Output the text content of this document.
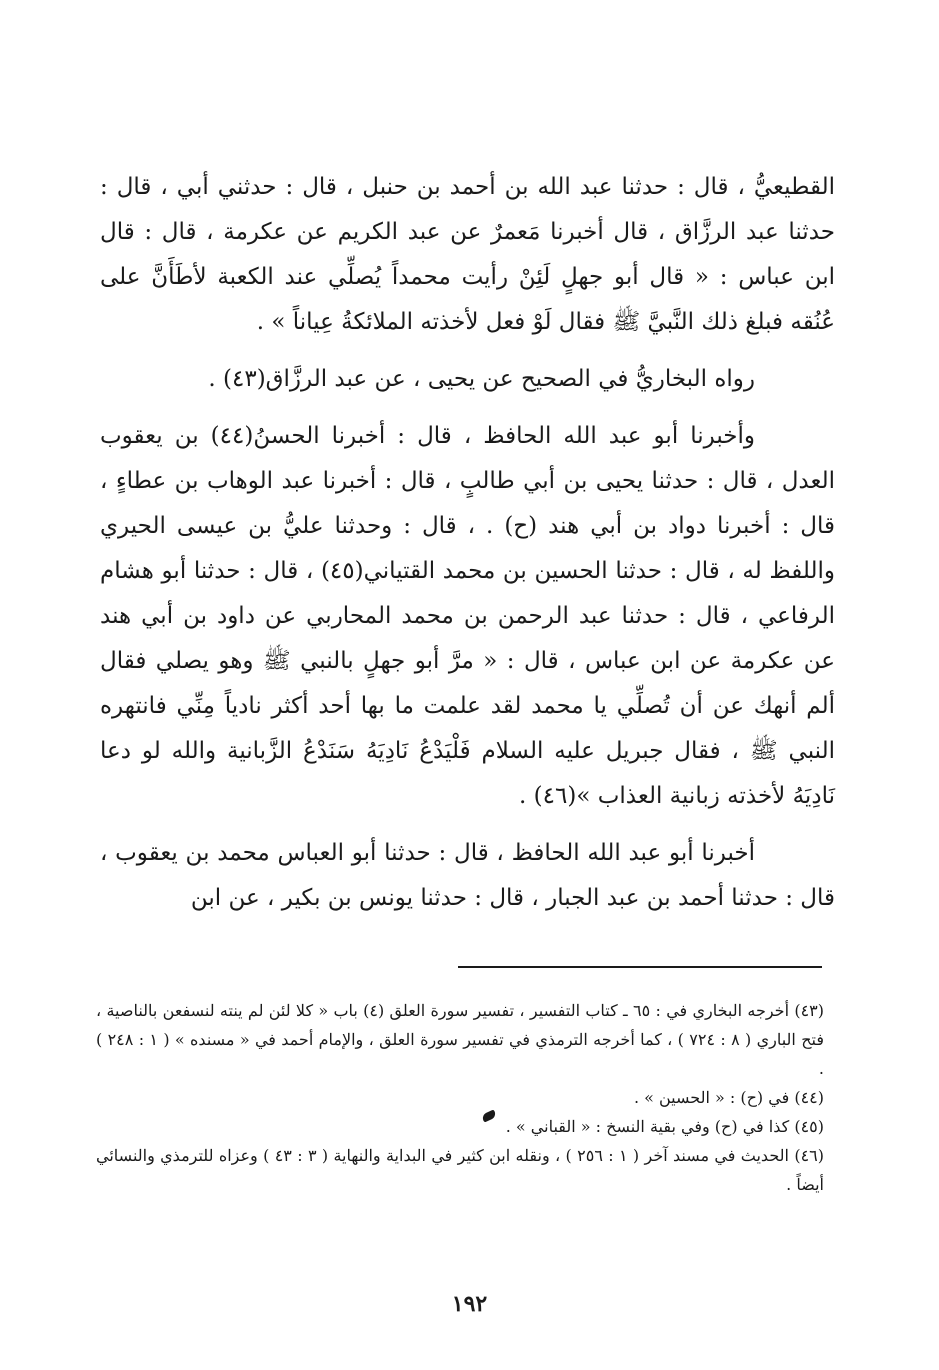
القطيعيُّ ، قال : حدثنا عبد الله بن أحمد بن حنبل ، قال : حدثني أبي ، قال : حدثنا عبد الرزَّاق ، قال أخبرنا مَعمرٌ عن عبد الكريم عن عكرمة ، قال : قال ابن عباس : « قال أبو جهلٍ لَئِنْ رأيت محمداً يُصلِّي عند الكعبة لأطَأَنَّ على عُنُقه فبلغ ذلك النَّبيَّ ﷺ فقال لَوْ فعل لأخذته الملائكةُ عِياناً » .

رواه البخاريُّ في الصحيح عن يحيى ، عن عبد الرزَّاق(٤٣) .

وأخبرنا أبو عبد الله الحافظ ، قال : أخبرنا الحسنُ(٤٤) بن يعقوب العدل ، قال : حدثنا يحيى بن أبي طالبٍ ، قال : أخبرنا عبد الوهاب بن عطاءٍ ، قال : أخبرنا دواد بن أبي هند (ح) . ، قال : وحدثنا عليُّ بن عيسى الحيري واللفظ له ، قال : حدثنا الحسين بن محمد القتياني(٤٥) ، قال : حدثنا أبو هشام الرفاعي ، قال : حدثنا عبد الرحمن بن محمد المحاربي عن داود بن أبي هند عن عكرمة عن ابن عباس ، قال : « مرَّ أبو جهلٍ بالنبي ﷺ وهو يصلي فقال ألم أنهك عن أن تُصلِّي يا محمد لقد علمت ما بها أحد أكثر نادياً مِنِّي فانتهره النبي ﷺ ، فقال جبريل عليه السلام فَلْيَدْعُ نَادِيَهُ سَنَدْعُ الزَّبانية والله لو دعا نَادِيَهُ لأخذته زبانية العذاب »(٤٦) .

أخبرنا أبو عبد الله الحافظ ، قال : حدثنا أبو العباس محمد بن يعقوب ، قال : حدثنا أحمد بن عبد الجبار ، قال : حدثنا يونس بن بكير ، عن ابن

(٤٣) أخرجه البخاري في : ٦٥ ـ كتاب التفسير ، تفسير سورة العلق (٤) باب « كلا لئن لم ينته لنسفعن بالناصية ، فتح الباري ( ٨ : ٧٢٤ ) ، كما أخرجه الترمذي في تفسير سورة العلق ، والإمام أحمد في « مسنده » ( ١ : ٢٤٨ ) .

(٤٤) في (ح) : « الحسين » .

(٤٥) كذا في (ح) وفي بقية النسخ : « القباني » .

(٤٦) الحديث في مسند آخر ( ١ : ٢٥٦ ) ، ونقله ابن كثير في البداية والنهاية ( ٣ : ٤٣ ) وعزاه للترمذي والنسائي أيضاً .

١٩٢
